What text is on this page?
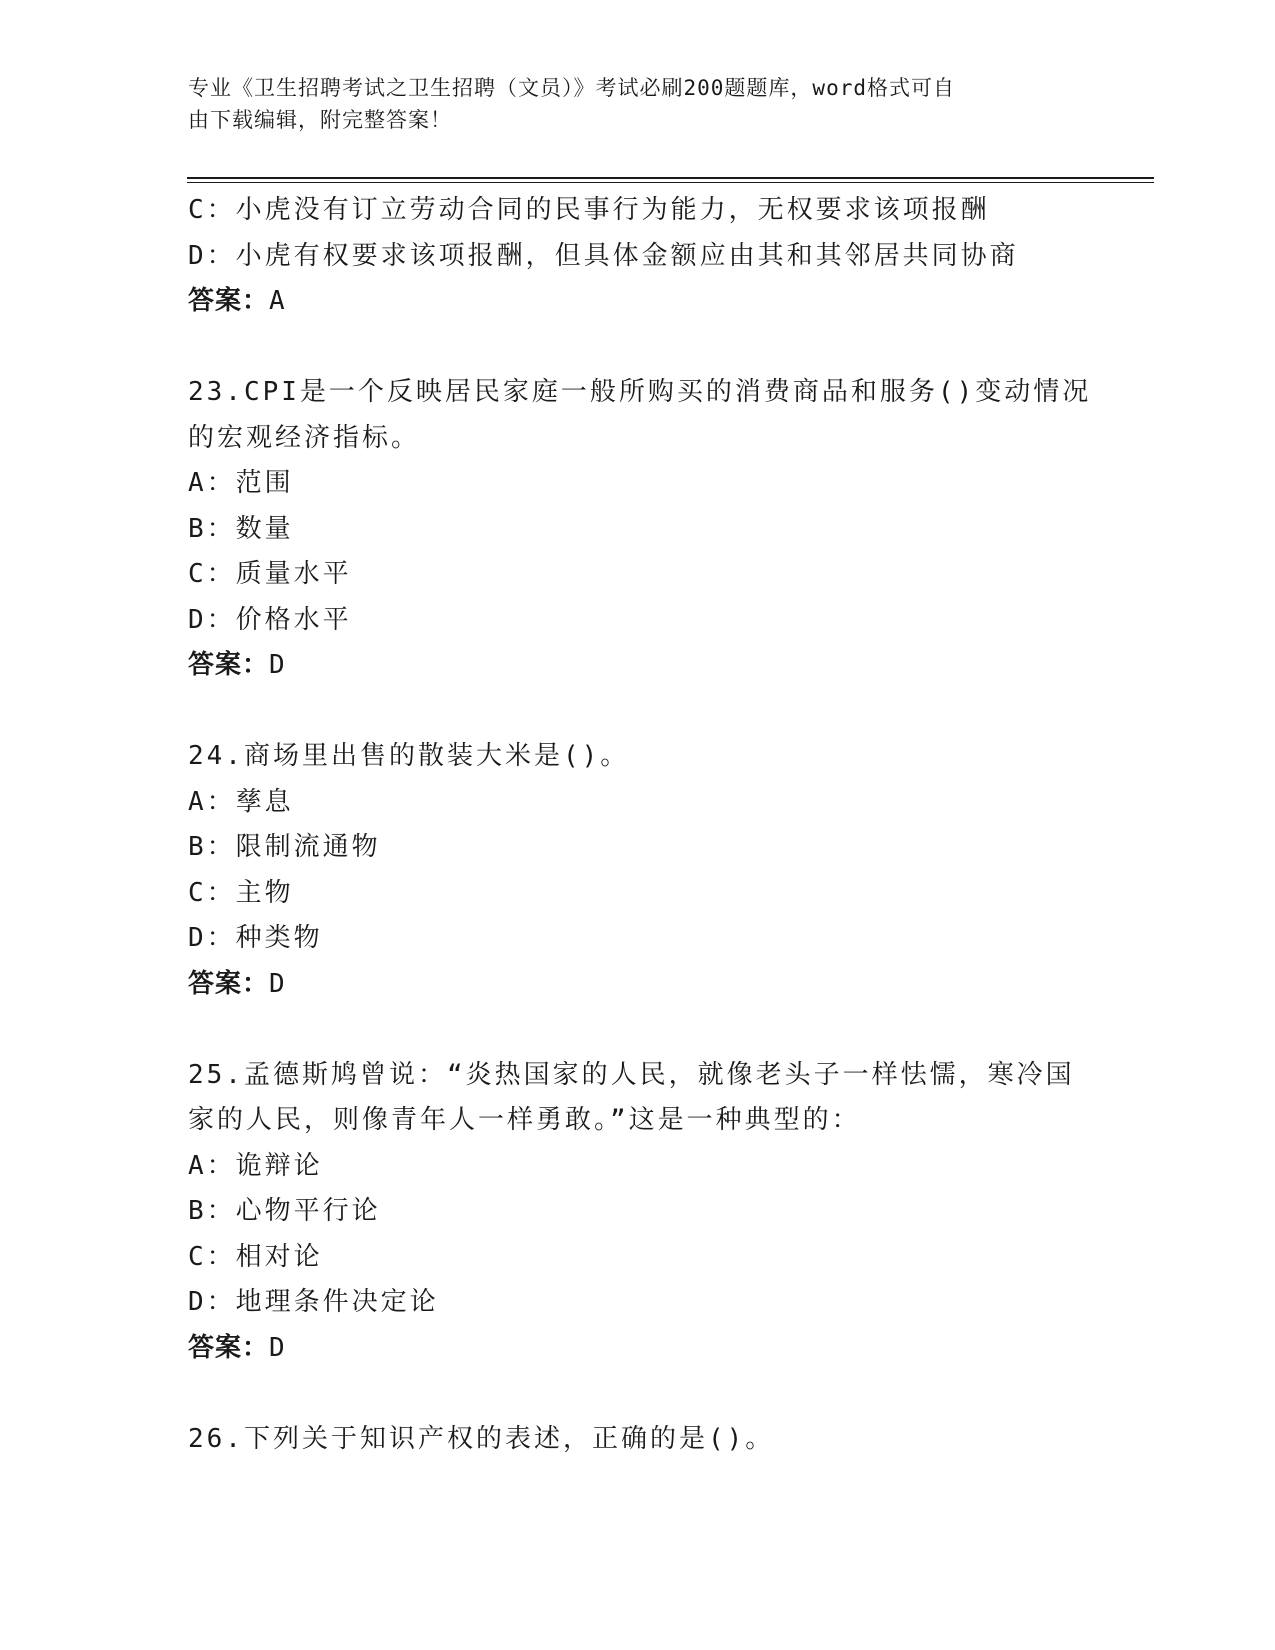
专业《卫生招聘考试之卫生招聘（文员）》考试必刷200题题库，word格式可自
由下载编辑，附完整答案！
C：小虎没有订立劳动合同的民事行为能力，无权要求该项报酬
D：小虎有权要求该项报酬，但具体金额应由其和其邻居共同协商
答案：A
23.CPI是一个反映居民家庭一般所购买的消费商品和服务()变动情况
的宏观经济指标。
A：范围
B：数量
C：质量水平
D：价格水平
答案：D
24.商场里出售的散装大米是()。
A：孳息
B：限制流通物
C：主物
D：种类物
答案：D
25.孟德斯鸠曾说：“炎热国家的人民，就像老头子一样怯懦，寒冷国
家的人民，则像青年人一样勇敢。”这是一种典型的：
A：诡辩论
B：心物平行论
C：相对论
D：地理条件决定论
答案：D
26.下列关于知识产权的表述，正确的是()。
